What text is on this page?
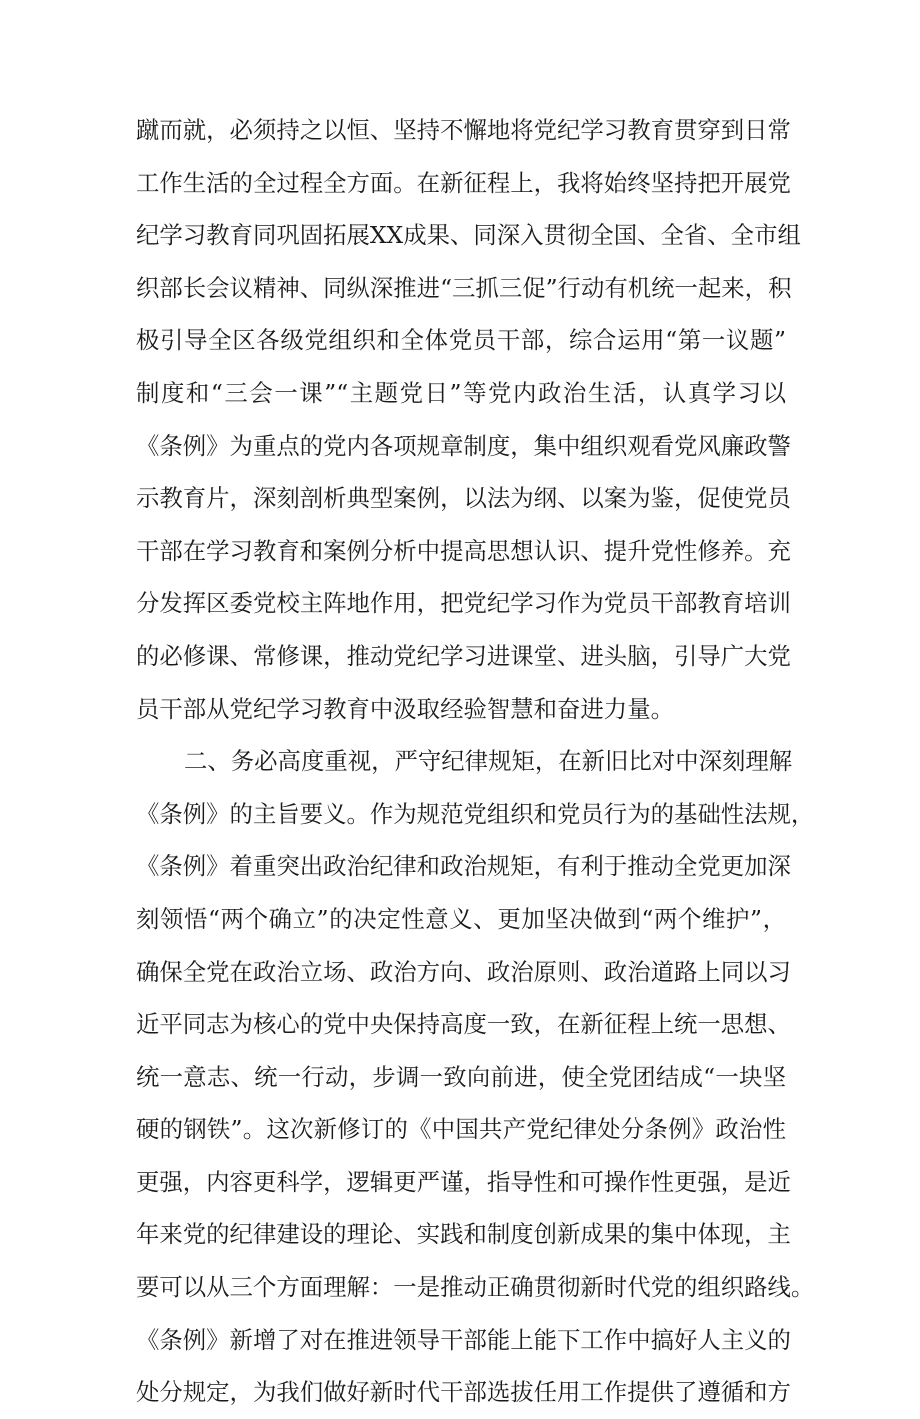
蹴而就，必须持之以恒、坚持不懈地将党纪学习教育贯穿到日常
工作生活的全过程全方面。在新征程上，我将始终坚持把开展党
纪学习教育同巩固拓展XX成果、同深入贯彻全国、全省、全市组
织部长会议精神、同纵深推进“三抓三促”行动有机统一起来，积
极引导全区各级党组织和全体党员干部，综合运用“第一议题”
制度和“三会一课”“主题党日”等党内政治生活，认真学习以
《条例》为重点的党内各项规章制度，集中组织观看党风廉政警
示教育片，深刻剖析典型案例，以法为纲、以案为鉴，促使党员
干部在学习教育和案例分析中提高思想认识、提升党性修养。充
分发挥区委党校主阵地作用，把党纪学习作为党员干部教育培训
的必修课、常修课，推动党纪学习进课堂、进头脑，引导广大党
员干部从党纪学习教育中汲取经验智慧和奋进力量。
二、务必高度重视，严守纪律规矩，在新旧比对中深刻理解
《条例》的主旨要义。作为规范党组织和党员行为的基础性法规，
《条例》着重突出政治纪律和政治规矩，有利于推动全党更加深
刻领悟“两个确立”的决定性意义、更加坚决做到“两个维护”，
确保全党在政治立场、政治方向、政治原则、政治道路上同以习
近平同志为核心的党中央保持高度一致，在新征程上统一思想、
统一意志、统一行动，步调一致向前进，使全党团结成“一块坚
硬的钢铁”。这次新修订的《中国共产党纪律处分条例》政治性
更强，内容更科学，逻辑更严谨，指导性和可操作性更强，是近
年来党的纪律建设的理论、实践和制度创新成果的集中体现，主
要可以从三个方面理解：一是推动正确贯彻新时代党的组织路线。
《条例》新增了对在推进领导干部能上能下工作中搞好人主义的
处分规定，为我们做好新时代干部选拔任用工作提供了遵循和方
